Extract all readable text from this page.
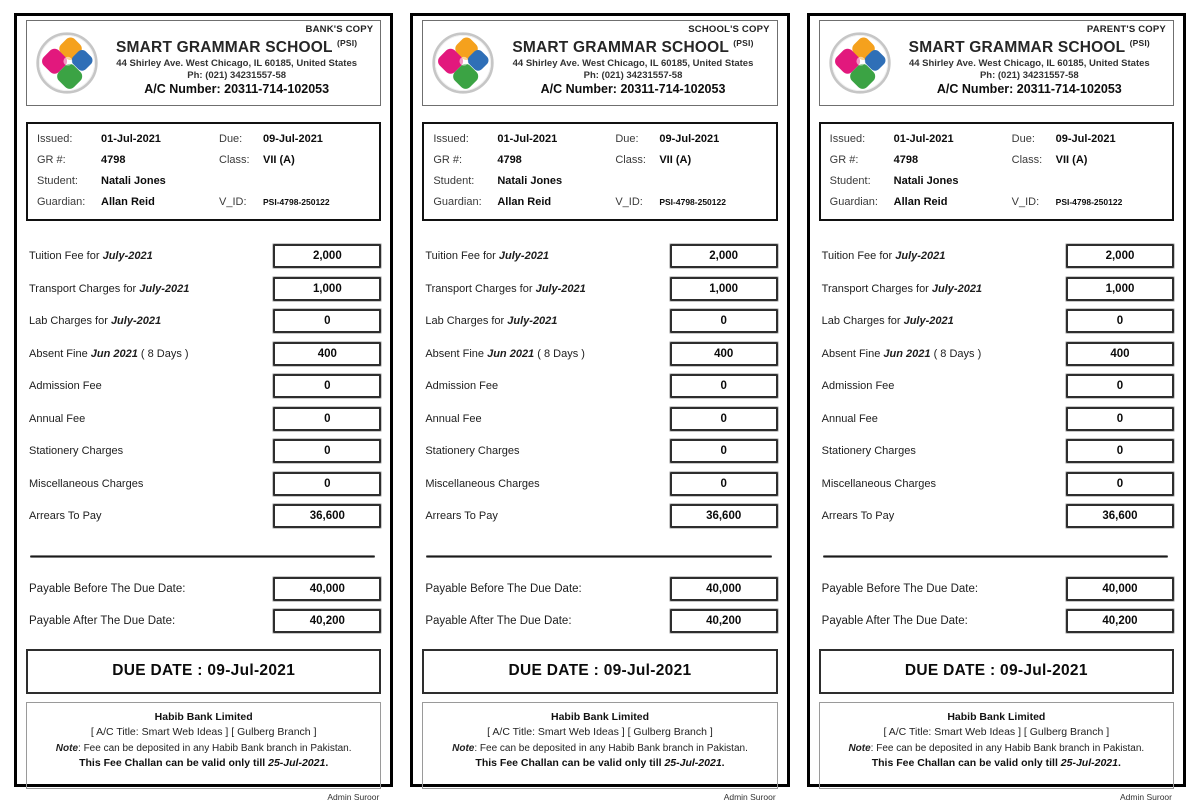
BANK'S COPY
SMART GRAMMAR SCHOOL $^{(PSI)}$
44 Shirley Ave. West Chicago, IL 60185, United States
Ph: (021) 34231557-58
A/C Number: 20311-714-102053
Issued:	01-Jul-2021	Due:	09-Jul-2021
GR #:	4798	Class:	VII (A)
Student:	Natali Jones
Guardian:	Allan Reid	V_ID:	PSI-4798-250122
Tuition Fee for July-2021	2,000
Transport Charges for July-2021	1,000
Lab Charges for July-2021	0
Absent Fine Jun 2021 ( 8 Days )	400
Admission Fee	0
Annual Fee	0
Stationery Charges	0
Miscellaneous Charges	0
Arrears To Pay	36,600
Payable Before The Due Date:	40,000
Payable After The Due Date:	40,200
DUE DATE : 09-Jul-2021
Habib Bank Limited
[ A/C Title: Smart Web Ideas ] [ Gulberg Branch ]
Note: Fee can be deposited in any Habib Bank branch in Pakistan.
This Fee Challan can be valid only till 25-Jul-2021.
Admin Suroor
SCHOOL'S COPY
SMART GRAMMAR SCHOOL $^{(PSI)}$
44 Shirley Ave. West Chicago, IL 60185, United States
Ph: (021) 34231557-58
A/C Number: 20311-714-102053
Issued:	01-Jul-2021	Due:	09-Jul-2021
GR #:	4798	Class:	VII (A)
Student:	Natali Jones
Guardian:	Allan Reid	V_ID:	PSI-4798-250122
Tuition Fee for July-2021	2,000
Transport Charges for July-2021	1,000
Lab Charges for July-2021	0
Absent Fine Jun 2021 ( 8 Days )	400
Admission Fee	0
Annual Fee	0
Stationery Charges	0
Miscellaneous Charges	0
Arrears To Pay	36,600
Payable Before The Due Date:	40,000
Payable After The Due Date:	40,200
DUE DATE : 09-Jul-2021
Habib Bank Limited
[ A/C Title: Smart Web Ideas ] [ Gulberg Branch ]
Note: Fee can be deposited in any Habib Bank branch in Pakistan.
This Fee Challan can be valid only till 25-Jul-2021.
Admin Suroor
PARENT'S COPY
SMART GRAMMAR SCHOOL $^{(PSI)}$
44 Shirley Ave. West Chicago, IL 60185, United States
Ph: (021) 34231557-58
A/C Number: 20311-714-102053
Issued:	01-Jul-2021	Due:	09-Jul-2021
GR #:	4798	Class:	VII (A)
Student:	Natali Jones
Guardian:	Allan Reid	V_ID:	PSI-4798-250122
Tuition Fee for July-2021	2,000
Transport Charges for July-2021	1,000
Lab Charges for July-2021	0
Absent Fine Jun 2021 ( 8 Days )	400
Admission Fee	0
Annual Fee	0
Stationery Charges	0
Miscellaneous Charges	0
Arrears To Pay	36,600
Payable Before The Due Date:	40,000
Payable After The Due Date:	40,200
DUE DATE : 09-Jul-2021
Habib Bank Limited
[ A/C Title: Smart Web Ideas ] [ Gulberg Branch ]
Note: Fee can be deposited in any Habib Bank branch in Pakistan.
This Fee Challan can be valid only till 25-Jul-2021.
Admin Suroor
